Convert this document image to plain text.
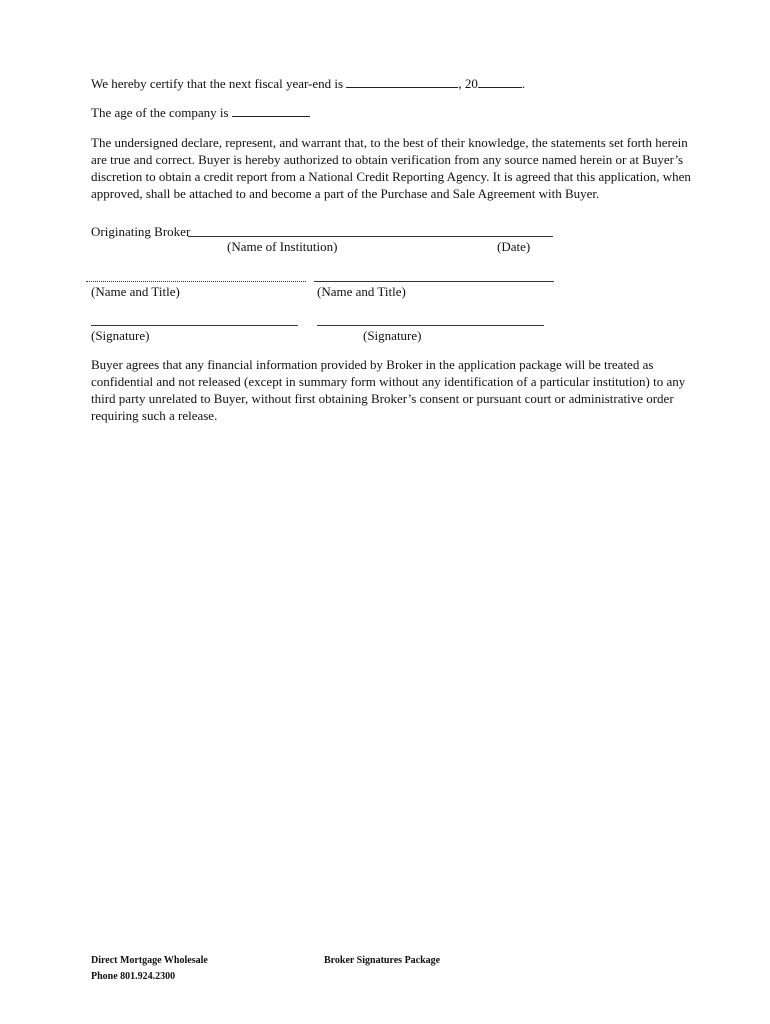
We hereby certify that the next fiscal year-end is	, 20	.
The age of the company is
The undersigned declare, represent, and warrant that, to the best of their knowledge, the statements set forth herein
are true and correct. Buyer is hereby authorized to obtain verification from any source named herein or at Buyer’s
discretion to obtain a credit report from a National Credit Reporting Agency. It is agreed that this application, when
approved, shall be attached to and become a part of the Purchase and Sale Agreement with Buyer.
Originating Broker
(Name of Institution)	(Date)
(Name and Title)	(Name and Title)
(Signature)	(Signature)
Buyer agrees that any financial information provided by Broker in the application package will be treated as
confidential and not released (except in summary form without any identification of a particular institution) to any
third party unrelated to Buyer, without first obtaining Broker’s consent or pursuant court or administrative order
requiring such a release.
Direct Mortgage Wholesale
Phone 801.924.2300
Broker Signatures Package
